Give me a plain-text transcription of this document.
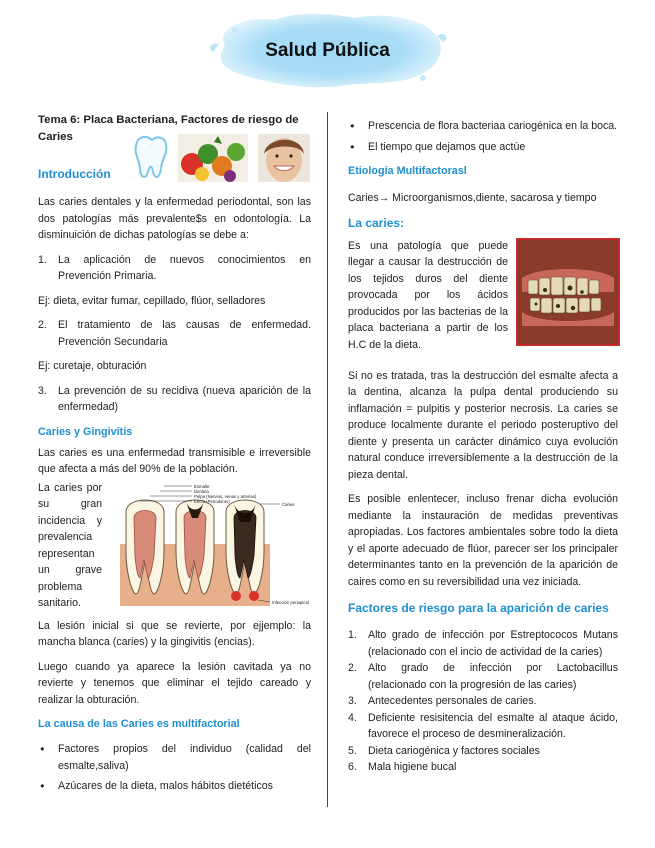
Salud Pública
Tema 6: Placa Bacteriana, Factores de riesgo de Caries
Introducción

Las caries dentales y la enfermedad periodontal, son las dos patologías más prevalente$s en odontología. La disminuición de dichas patologías se debe a:

1. La aplicación de nuevos conocimientos en Prevención Primaria.

Ej: dieta, evitar fumar, cepillado, flúor, selladores

2. El tratamiento de las causas de enfermedad. Prevención Secundaria

Ej: curetaje, obturación

3. La prevención de su recidiva (nueva aparición de la enfermedad)
Caries y Gingivitis

Las caries es una enfermedad transmisible e irreversible que afecta a más del 90% de la población.

La caries por su gran incidencia y prevalencia representan un grave problema sanitario.

Esmalte
Dentina
Pulpa (Nervios, venas y arterias)
Encía (Periodonto)
Caries
Infección periapical

La lesión inicial si que se revierte, por ejjemplo: la mancha blanca (caries) y la gingivitis (encias).

Luego cuando ya aparece la lesión cavitada ya no revierte y tenemos que eliminar el tejido careado y realizar la obturación.

La causa de las Caries es multifactorial
● Factores propios del individuo (calidad del esmalte,saliva)
● Azúcares de la dieta, malos hábitos dietéticos
● Prescencia de flora bacteriaa cariogénica en la boca.
● El tiempo que dejamos que actúe
Etiología Multifactorasl

Caries→ Microorganismos,diente, sacarosa y tiempo

La caries:

Es una patología que puede llegar a causar la destrucción de los tejidos duros del diente provocada por los ácidos producidos por las bacterias de la placa bacteriana a partir de los H.C de la dieta.

Si no es tratada, tras la destrucción del esmalte afecta a la dentina, alcanza la pulpa dental produciendo su inflamación = pulpitis y posterior necrosis. La caries se produce localmente durante el periodo posteruptivo del diente y presenta un carácter dinámico cuya evolución natural conduce irreversiblemente a la destrucción de la pieza dental.

Es posible enlentecer, incluso frenar dicha evolución mediante la instauración de medidas preventivas apropiadas. Los factores ambientales sobre todo la dieta y el aporte adecuado de flúor, parecer ser los principaler determinantes tanto en la prevención de la aparición de caires como en su reversibilidad una vez iniciada.

Factores de riesgo para la aparición de caries
1. Alto grado de infección por Estreptococos Mutans (relacionado con el incio de actividad de la caries)
2. Alto grado de infección por Lactobacillus (relacionado con la progresión de las caries)
3. Antecedentes personales de caries.
4. Deficiente resisitencia del esmalte al ataque ácido, favorece el proceso de desmineralización.
5. Dieta cariogénica y factores sociales
6. Mala higiene bucal
